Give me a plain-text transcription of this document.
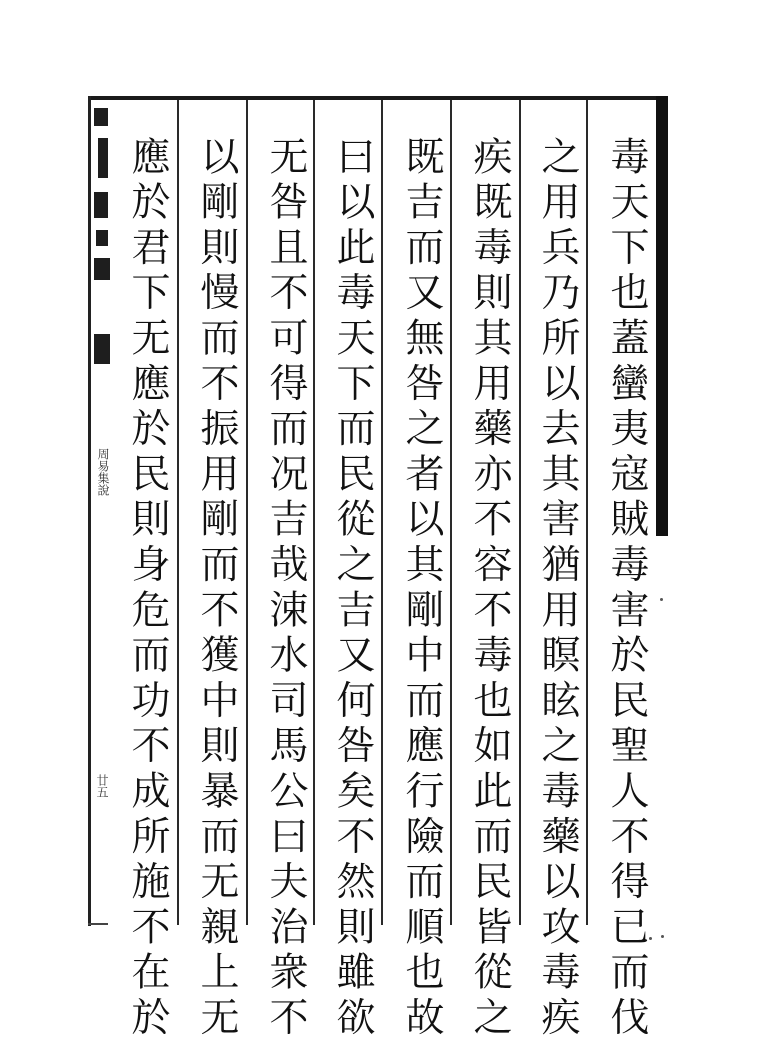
周易集說
廿五	毒天下也蓋蠻夷寇賊毒害於民聖人不得已而伐
之用兵乃所以去其害猶用瞑眩之毒藥以攻毒疾
疾既毒則其用藥亦不容不毒也如此而民皆從之
既吉而又無咎之者以其剛中而應行險而順也故
曰以此毒天下而民從之吉又何咎矣不然則雖欲
无咎且不可得而况吉哉涑水司馬公曰夫治衆不
以剛則慢而不振用剛而不獲中則暴而无親上无
應於君下无應於民則身危而功不成所施不在於
